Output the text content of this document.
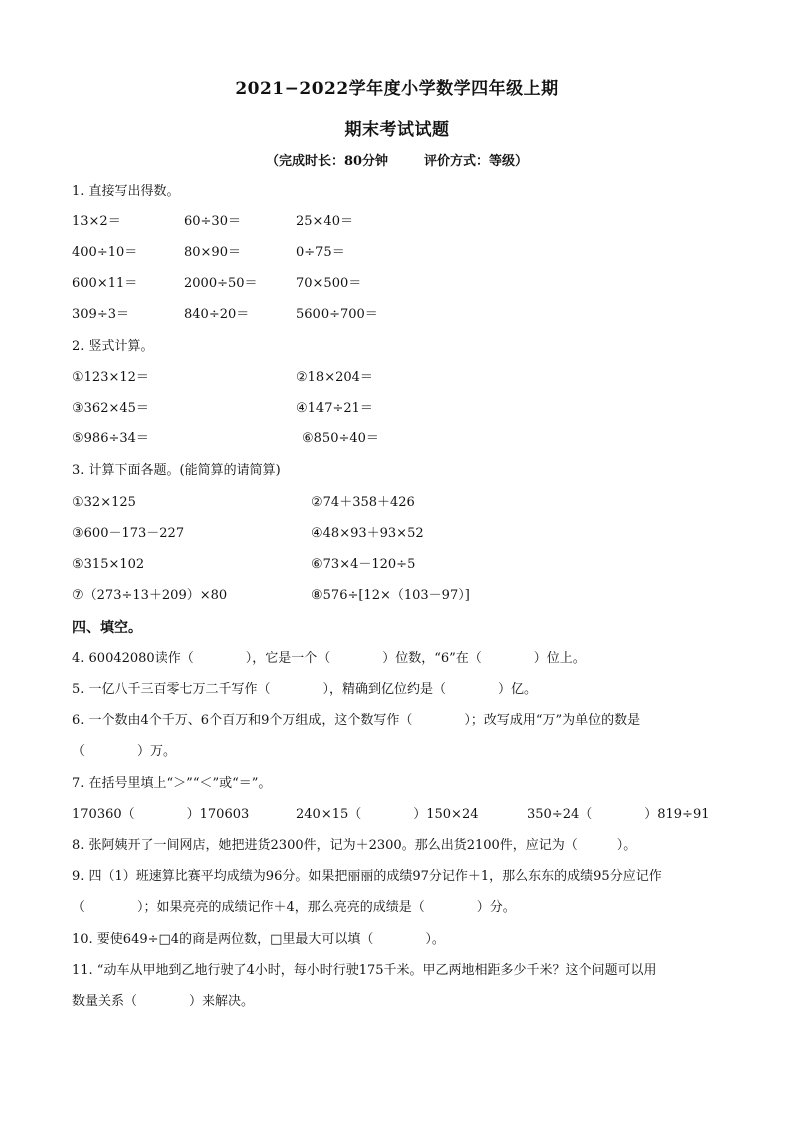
2021−2022学年度小学数学四年级上期
期末考试试题
（完成时长：80分钟	评价方式：等级）
1. 直接写出得数。
13×2＝	60÷30＝	25×40＝
400÷10＝	80×90＝	0÷75＝
600×11＝	2000÷50＝	70×500＝
309÷3＝	840÷20＝	5600÷700＝
2. 竖式计算。
①123×12＝	②18×204＝
③362×45＝	④147÷21＝
⑤986÷34＝	⑥850÷40＝
3. 计算下面各题。(能简算的请简算)
①32×125	②74＋358＋426
③600－173－227	④48×93＋93×52
⑤315×102	⑥73×4－120÷5
⑦（273÷13＋209）×80	⑧576÷[12×（103－97）]
四、填空。
4. 60042080读作（　　　　），它是一个（　　　　）位数，“6”在（　　　　）位上。
5. 一亿八千三百零七万二千写作（　　　　），精确到亿位约是（　　　　）亿。
6. 一个数由4个千万、6个百万和9个万组成，这个数写作（　　　　）；改写成用“万”为单位的数是
（　　　　）万。
7. 在括号里填上“＞”“＜”或“＝”。
170360（　　　　）170603	240×15（　　　　）150×24	350÷24（　　　　）819÷91
8. 张阿姨开了一间网店，她把进货2300件，记为＋2300。那么出货2100件，应记为（　　　）。
9. 四（1）班速算比赛平均成绩为96分。如果把丽丽的成绩97分记作＋1，那么东东的成绩95分应记作
（　　　　）；如果亮亮的成绩记作＋4，那么亮亮的成绩是（　　　　）分。
10. 要使649÷□4的商是两位数，□里最大可以填（　　　　）。
11. “动车从甲地到乙地行驶了4小时，每小时行驶175千米。甲乙两地相距多少千米？这个问题可以用
数量关系（　　　　）来解决。
